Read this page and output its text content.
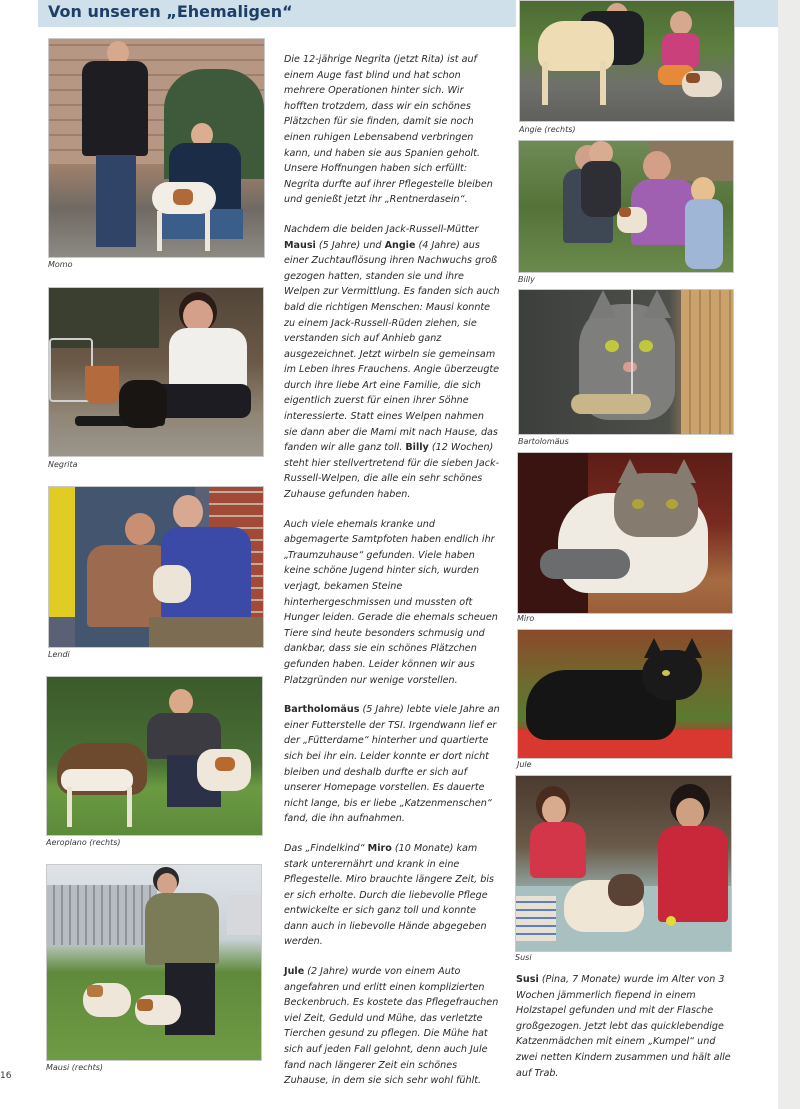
Von unseren „Ehemaligen“
Momo
Negrita
Lendi
Aeroplano (rechts)
Mausi (rechts)
Angie (rechts)
Billy
Bartolomäus
Miro
Jule
Susi

Die 12-jährige Negrita (jetzt Rita) ist auf einem Auge fast blind und hat schon mehrere Operationen hinter sich. Wir hofften trotzdem, dass wir ein schönes Plätzchen für sie finden, damit sie noch einen ruhigen Lebensabend verbringen kann, und haben sie aus Spanien geholt. Unsere Hoffnungen haben sich erfüllt: Negrita durfte auf ihrer Pflegestelle bleiben und genießt jetzt ihr „Rentnerdasein“.

Nachdem die beiden Jack-Russell-Mütter Mausi (5 Jahre) und Angie (4 Jahre) aus einer Zuchtauflösung ihren Nachwuchs groß gezogen hatten, standen sie und ihre Welpen zur Vermittlung. Es fanden sich auch bald die richtigen Menschen: Mausi konnte zu einem Jack-Russell-Rüden ziehen, sie verstanden sich auf Anhieb ganz ausgezeichnet. Jetzt wirbeln sie gemeinsam im Leben ihres Frauchens. Angie überzeugte durch ihre liebe Art eine Familie, die sich eigentlich zuerst für einen ihrer Söhne interessierte. Statt eines Welpen nahmen sie dann aber die Mami mit nach Hause, das fanden wir alle ganz toll. Billy (12 Wochen) steht hier stellvertretend für die sieben Jack-Russell-Welpen, die alle ein sehr schönes Zuhause gefunden haben.

Auch viele ehemals kranke und abgemagerte Samtpfoten haben endlich ihr „Traumzuhause“ gefunden. Viele haben keine schöne Jugend hinter sich, wurden verjagt, bekamen Steine hinterhergeschmissen und mussten oft Hunger leiden. Gerade die ehemals scheuen Tiere sind heute besonders schmusig und dankbar, dass sie ein schönes Plätzchen gefunden haben. Leider können wir aus Platzgründen nur wenige vorstellen.

Bartholomäus (5 Jahre) lebte viele Jahre an einer Futterstelle der TSI. Irgendwann lief er der „Fütterdame“ hinterher und quartierte sich bei ihr ein. Leider konnte er dort nicht bleiben und deshalb durfte er sich auf unserer Homepage vorstellen. Es dauerte nicht lange, bis er liebe „Katzenmenschen“ fand, die ihn aufnahmen.

Das „Findelkind“ Miro (10 Monate) kam stark unterernährt und krank in eine Pflegestelle. Miro brauchte längere Zeit, bis er sich erholte. Durch die liebevolle Pflege entwickelte er sich ganz toll und konnte dann auch in liebevolle Hände abgegeben werden.

Jule (2 Jahre) wurde von einem Auto angefahren und erlitt einen komplizierten Beckenbruch. Es kostete das Pflegefrauchen viel Zeit, Geduld und Mühe, das verletzte Tierchen gesund zu pflegen. Die Mühe hat sich auf jeden Fall gelohnt, denn auch Jule fand nach längerer Zeit ein schönes Zuhause, in dem sie sich sehr wohl fühlt.

Susi (Pina, 7 Monate) wurde im Alter von 3 Wochen jämmerlich fiepend in einem Holzstapel gefunden und mit der Flasche großgezogen. Jetzt lebt das quicklebendige Katzenmädchen mit einem „Kumpel“ und zwei netten Kindern zusammen und hält alle auf Trab.

16
